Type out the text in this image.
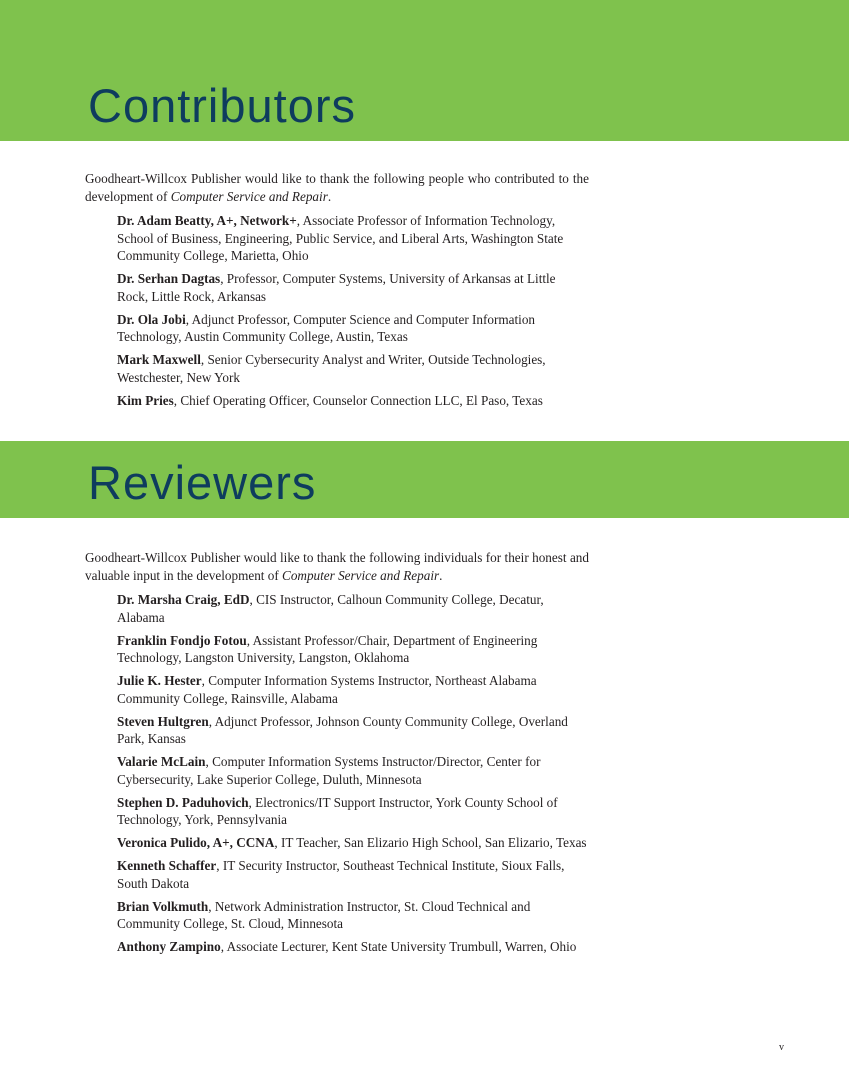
Contributors

Goodheart-Willcox Publisher would like to thank the following people who contributed to the development of Computer Service and Repair.

Dr. Adam Beatty, A+, Network+, Associate Professor of Information Technology, School of Business, Engineering, Public Service, and Liberal Arts, Washington State Community College, Marietta, Ohio

Dr. Serhan Dagtas, Professor, Computer Systems, University of Arkansas at Little Rock, Little Rock, Arkansas

Dr. Ola Jobi, Adjunct Professor, Computer Science and Computer Information Technology, Austin Community College, Austin, Texas

Mark Maxwell, Senior Cybersecurity Analyst and Writer, Outside Technologies, Westchester, New York

Kim Pries, Chief Operating Officer, Counselor Connection LLC, El Paso, Texas

Reviewers

Goodheart-Willcox Publisher would like to thank the following individuals for their honest and valuable input in the development of Computer Service and Repair.

Dr. Marsha Craig, EdD, CIS Instructor, Calhoun Community College, Decatur, Alabama

Franklin Fondjo Fotou, Assistant Professor/Chair, Department of Engineering Technology, Langston University, Langston, Oklahoma

Julie K. Hester, Computer Information Systems Instructor, Northeast Alabama Community College, Rainsville, Alabama

Steven Hultgren, Adjunct Professor, Johnson County Community College, Overland Park, Kansas

Valarie McLain, Computer Information Systems Instructor/Director, Center for Cybersecurity, Lake Superior College, Duluth, Minnesota

Stephen D. Paduhovich, Electronics/IT Support Instructor, York County School of Technology, York, Pennsylvania

Veronica Pulido, A+, CCNA, IT Teacher, San Elizario High School, San Elizario, Texas

Kenneth Schaffer, IT Security Instructor, Southeast Technical Institute, Sioux Falls, South Dakota

Brian Volkmuth, Network Administration Instructor, St. Cloud Technical and Community College, St. Cloud, Minnesota

Anthony Zampino, Associate Lecturer, Kent State University Trumbull, Warren, Ohio

v
